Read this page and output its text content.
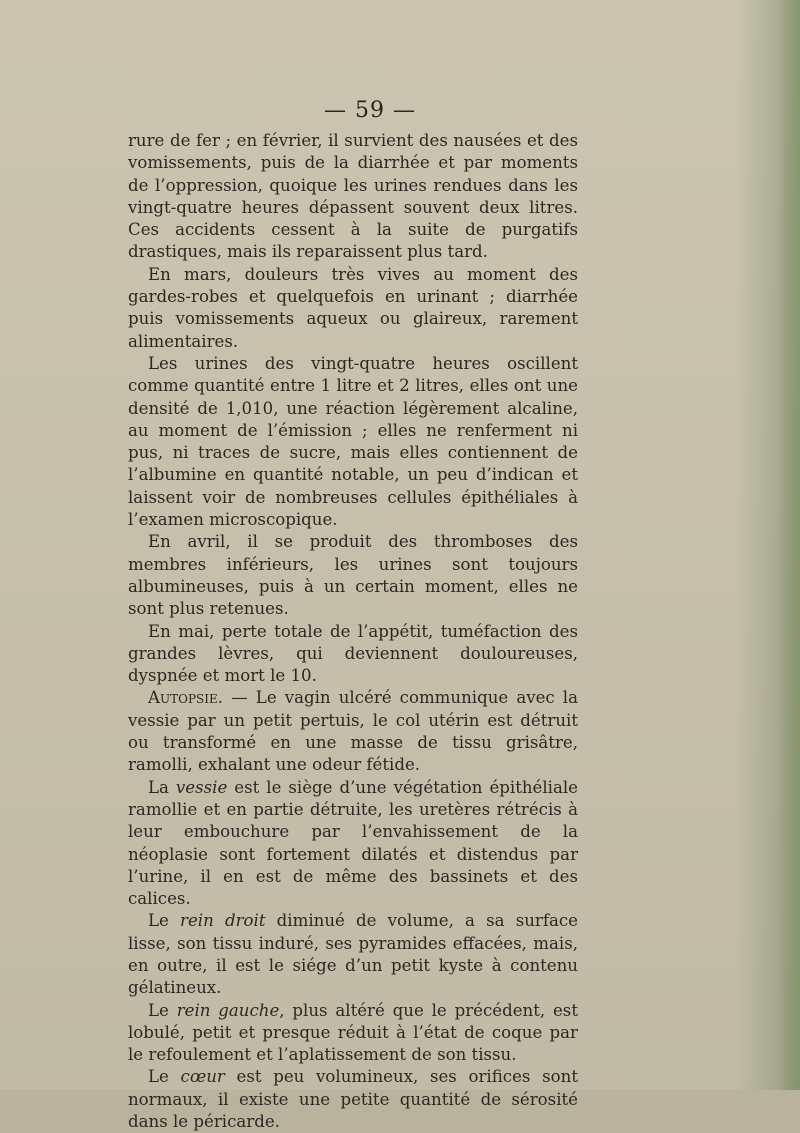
— 59 —

rure de fer ; en février, il survient des nausées et des vomissements, puis de la diarrhée et par moments de l’oppression, quoique les urines rendues dans les vingt-quatre heures dépassent souvent deux litres. Ces accidents cessent à la suite de purgatifs drastiques, mais ils reparaissent plus tard.

En mars, douleurs très vives au moment des gardes-robes et quelquefois en urinant ; diarrhée puis vomissements aqueux ou glaireux, rarement alimentaires.

Les urines des vingt-quatre heures oscillent comme quantité entre 1 litre et 2 litres, elles ont une densité de 1,010, une réaction légèrement alcaline, au moment de l’émission ; elles ne renferment ni pus, ni traces de sucre, mais elles contiennent de l’albumine en quantité notable, un peu d’indican et laissent voir de nombreuses cellules épithéliales à l’examen microscopique.

En avril, il se produit des thromboses des membres inférieurs, les urines sont toujours albumineuses, puis à un certain moment, elles ne sont plus retenues.

En mai, perte totale de l’appétit, tuméfaction des grandes lèvres, qui deviennent douloureuses, dyspnée et mort le 10.

Autopsie. — Le vagin ulcéré communique avec la vessie par un petit pertuis, le col utérin est détruit ou transformé en une masse de tissu grisâtre, ramolli, exhalant une odeur fétide.

La vessie est le siège d’une végétation épithéliale ramollie et en partie détruite, les uretères rétrécis à leur embouchure par l’envahissement de la néoplasie sont fortement dilatés et distendus par l’urine, il en est de même des bassinets et des calices.

Le rein droit diminué de volume, a sa surface lisse, son tissu induré, ses pyramides effacées, mais, en outre, il est le siége d’un petit kyste à contenu gélatineux.

Le rein gauche, plus altéré que le précédent, est lobulé, petit et presque réduit à l’état de coque par le refoulement et l’aplatissement de son tissu.

Le cœur est peu volumineux, ses orifices sont normaux, il existe une petite quantité de sérosité dans le péricarde.
